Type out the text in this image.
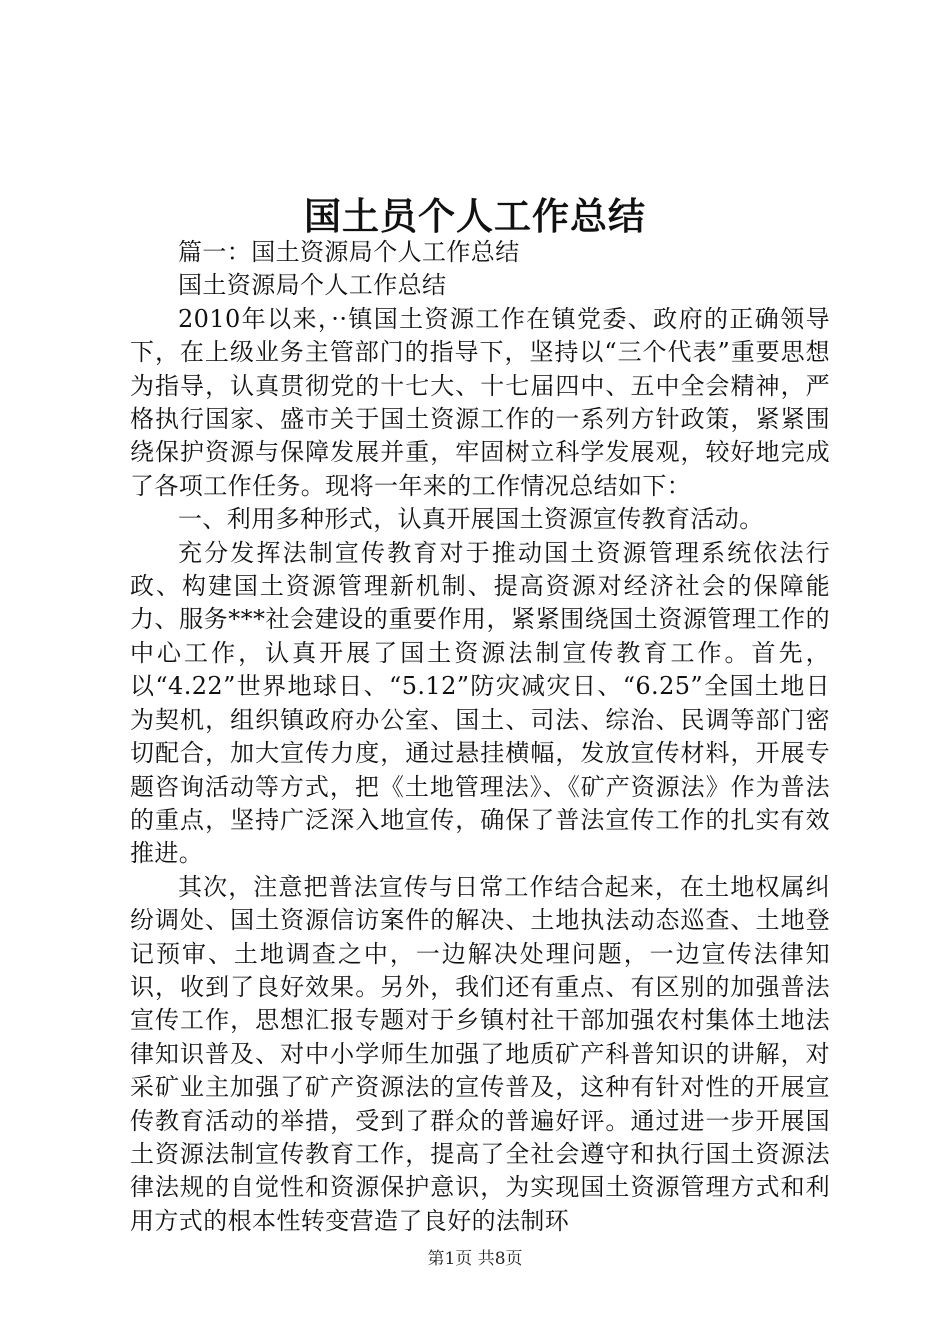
国土员个人工作总结

篇一：国土资源局个人工作总结

国土资源局个人工作总结

2010年以来，··镇国土资源工作在镇党委、政府的正确领导下，在上级业务主管部门的指导下，坚持以“三个代表”重要思想为指导，认真贯彻党的十七大、十七届四中、五中全会精神，严格执行国家、盛市关于国土资源工作的一系列方针政策，紧紧围绕保护资源与保障发展并重，牢固树立科学发展观，较好地完成了各项工作任务。现将一年来的工作情况总结如下：

一、利用多种形式，认真开展国土资源宣传教育活动。

充分发挥法制宣传教育对于推动国土资源管理系统依法行政、构建国土资源管理新机制、提高资源对经济社会的保障能力、服务***社会建设的重要作用，紧紧围绕国土资源管理工作的中心工作，认真开展了国土资源法制宣传教育工作。首先，以“4.22”世界地球日、“5.12”防灾减灾日、“6.25”全国土地日为契机，组织镇政府办公室、国土、司法、综治、民调等部门密切配合，加大宣传力度，通过悬挂横幅，发放宣传材料，开展专题咨询活动等方式，把《土地管理法》、《矿产资源法》作为普法的重点，坚持广泛深入地宣传，确保了普法宣传工作的扎实有效推进。

其次，注意把普法宣传与日常工作结合起来，在土地权属纠纷调处、国土资源信访案件的解决、土地执法动态巡查、土地登记预审、土地调查之中，一边解决处理问题，一边宣传法律知识，收到了良好效果。另外，我们还有重点、有区别的加强普法宣传工作，思想汇报专题对于乡镇村社干部加强农村集体土地法律知识普及、对中小学师生加强了地质矿产科普知识的讲解，对采矿业主加强了矿产资源法的宣传普及，这种有针对性的开展宣传教育活动的举措，受到了群众的普遍好评。通过进一步开展国土资源法制宣传教育工作，提高了全社会遵守和执行国土资源法律法规的自觉性和资源保护意识，为实现国土资源管理方式和利用方式的根本性转变营造了良好的法制环

第1页 共8页
